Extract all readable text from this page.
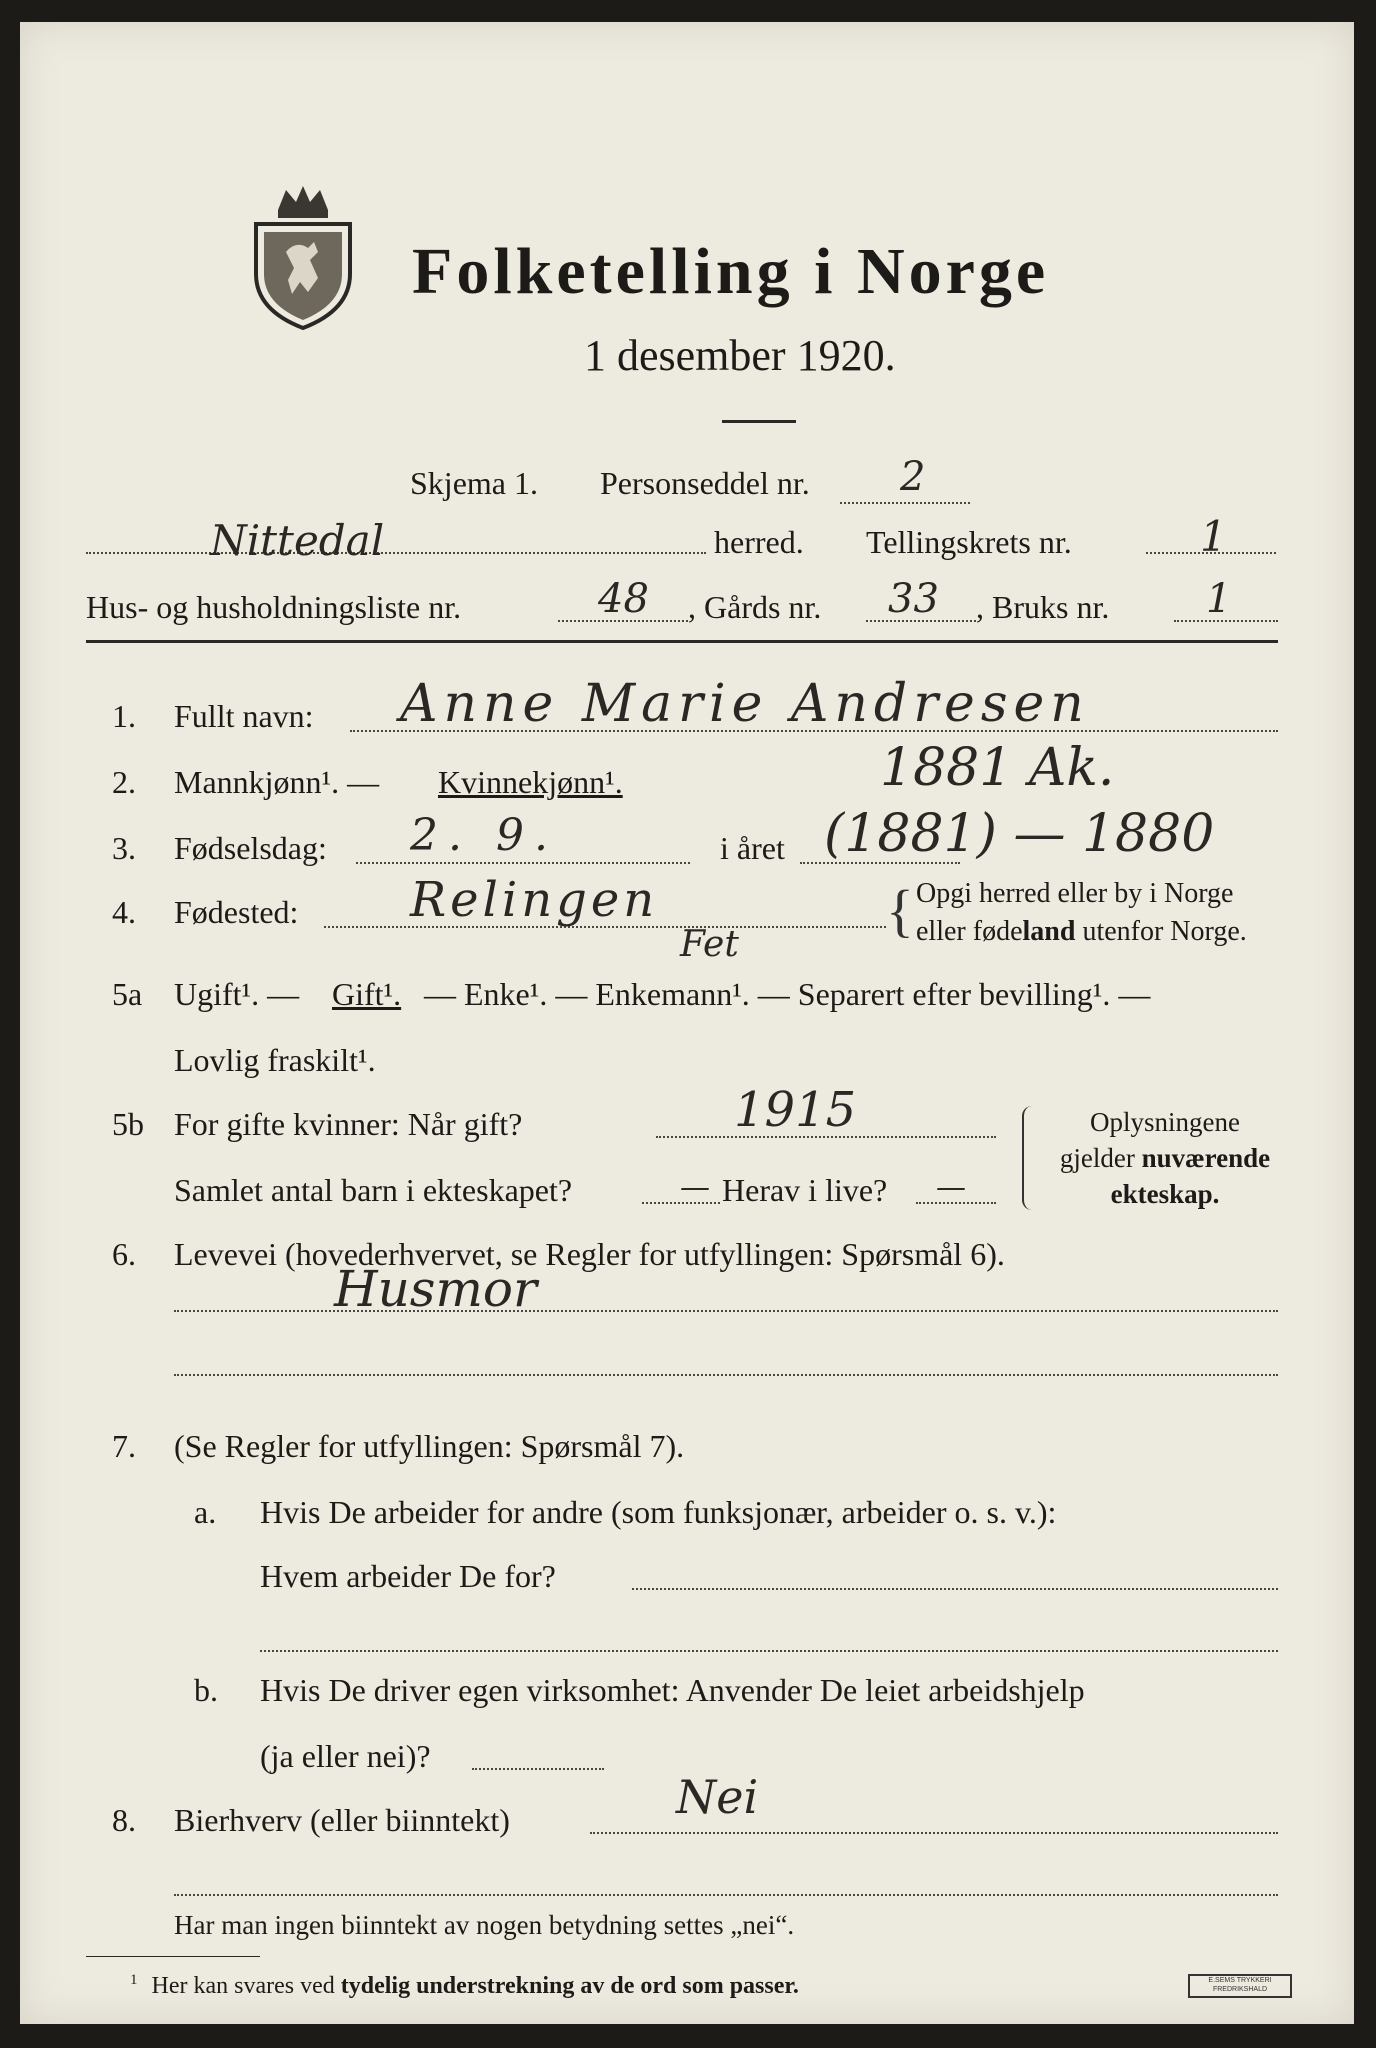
Folketelling i Norge
1 desember 1920.
Skjema 1. Personseddel nr. 2
Nittedal	herred. Tellingskrets nr.	1
Hus- og husholdningsliste nr.	48 , Gårds nr. 33 , Bruks nr. 1
1. Fullt navn: Anne Marie Andresen
2. Mannkjønn¹. — Kvinnekjønn¹.	1881 Ak.
3. Fødselsdag: 2. 9.	i året (1881) — 1880
4. Fødested: Relingen
Fet
{ Opgi herred eller by i Norge
eller fødeland utenfor Norge.
5a Ugift¹. — Gift¹. — Enke¹. — Enkemann¹. — Separert efter bevilling¹. —
Lovlig fraskilt¹.
5b For gifte kvinner: Når gift?	1915
Samlet antal barn i ekteskapet?	— Herav i live? —
Oplysningene
gjelder nuværende
ekteskap.
6. Levevei (hovederhvervet, se Regler for utfyllingen: Spørsmål 6).
Husmor
7. (Se Regler for utfyllingen: Spørsmål 7).
a. Hvis De arbeider for andre (som funksjonær, arbeider o. s. v.):
Hvem arbeider De for?
b. Hvis De driver egen virksomhet: Anvender De leiet arbeidshjelp
(ja eller nei)?
8. Bierhverv (eller biinntekt)	Nei
Har man ingen biinntekt av nogen betydning settes „nei“.
$^1$ Her kan svares ved tydelig understrekning av de ord som passer.	E.SEMS TRYKKERI FREDRIKSHALD
